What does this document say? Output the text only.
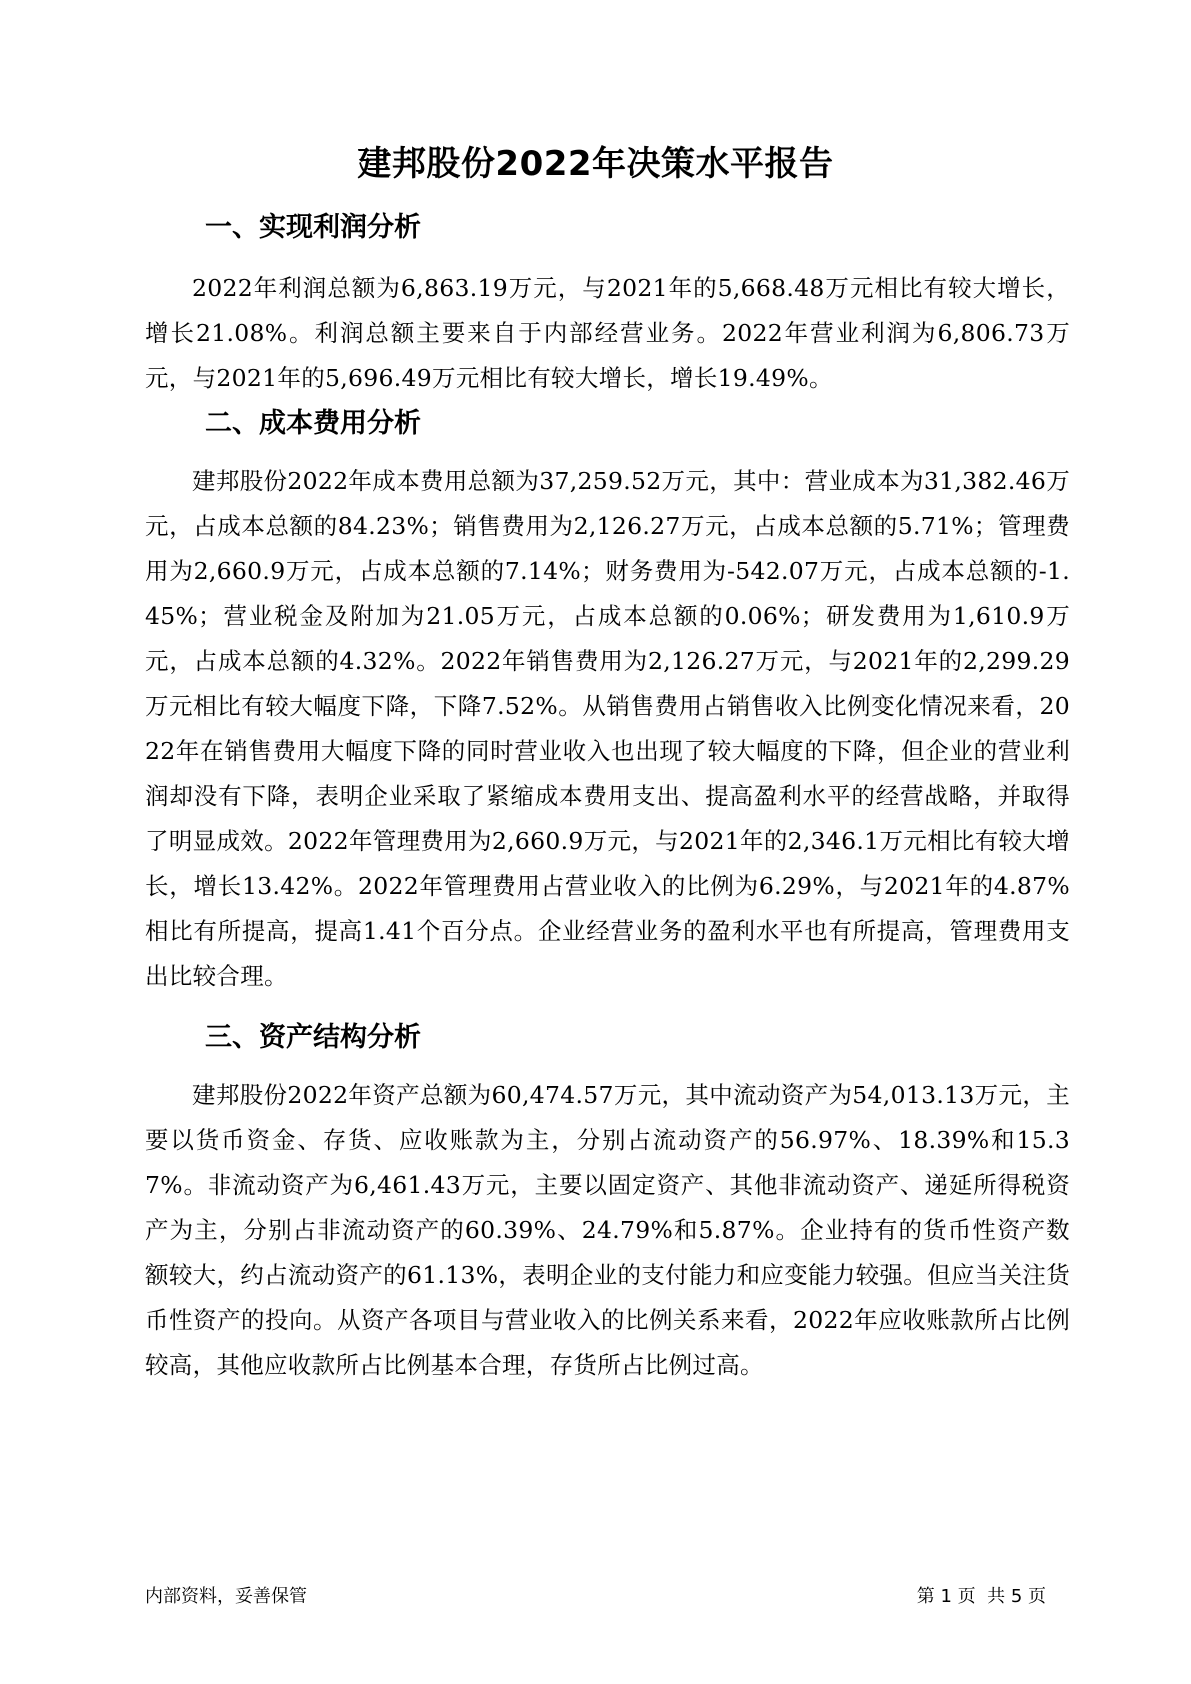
建邦股份2022年决策水平报告
一、实现利润分析

2022年利润总额为6,863.19万元，与2021年的5,668.48万元相比有较大增长，增长21.08%。利润总额主要来自于内部经营业务。2022年营业利润为6,806.73万元，与2021年的5,696.49万元相比有较大增长，增长19.49%。

二、成本费用分析

建邦股份2022年成本费用总额为37,259.52万元，其中：营业成本为31,382.46万元，占成本总额的84.23%；销售费用为2,126.27万元，占成本总额的5.71%；管理费用为2,660.9万元，占成本总额的7.14%；财务费用为-542.07万元，占成本总额的-1.45%；营业税金及附加为21.05万元，占成本总额的0.06%；研发费用为1,610.9万元，占成本总额的4.32%。2022年销售费用为2,126.27万元，与2021年的2,299.29万元相比有较大幅度下降，下降7.52%。从销售费用占销售收入比例变化情况来看，2022年在销售费用大幅度下降的同时营业收入也出现了较大幅度的下降，但企业的营业利润却没有下降，表明企业采取了紧缩成本费用支出、提高盈利水平的经营战略，并取得了明显成效。2022年管理费用为2,660.9万元，与2021年的2,346.1万元相比有较大增长，增长13.42%。2022年管理费用占营业收入的比例为6.29%，与2021年的4.87%相比有所提高，提高1.41个百分点。企业经营业务的盈利水平也有所提高，管理费用支出比较合理。

三、资产结构分析

建邦股份2022年资产总额为60,474.57万元，其中流动资产为54,013.13万元，主要以货币资金、存货、应收账款为主，分别占流动资产的56.97%、18.39%和15.37%。非流动资产为6,461.43万元，主要以固定资产、其他非流动资产、递延所得税资产为主，分别占非流动资产的60.39%、24.79%和5.87%。企业持有的货币性资产数额较大，约占流动资产的61.13%，表明企业的支付能力和应变能力较强。但应当关注货币性资产的投向。从资产各项目与营业收入的比例关系来看，2022年应收账款所占比例较高，其他应收款所占比例基本合理，存货所占比例过高。

内部资料，妥善保管	第 1 页  共 5 页
